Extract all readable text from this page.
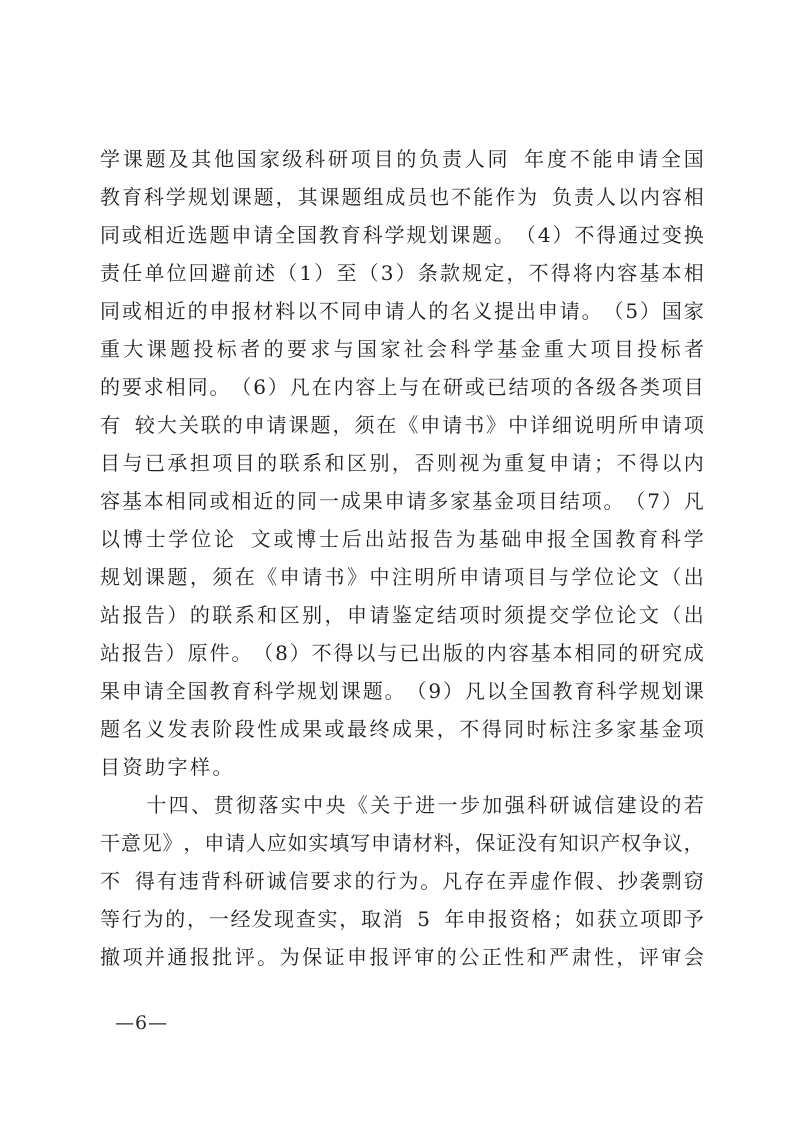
学 课 题 及 其 他 国 家 级 科 研 项 目 的 负 责 人 同 年 度 不 能 申 请 全 国
教 育 科 学 规 划 课 题 ， 其 课 题 组 成 员 也 不 能 作 为 负 责 人 以 内 容 相
同 或 相 近 选 题 申 请 全 国 教 育 科 学 规 划 课 题 。 （ 4 ） 不 得 通 过 变 换
责 任 单 位 回 避 前 述 （ 1 ） 至 （ 3 ） 条 款 规 定 ， 不 得 将 内 容 基 本 相
同 或 相 近 的 申 报 材 料 以 不 同 申 请 人 的 名 义 提 出 申 请 。 （ 5 ） 国 家
重 大 课 题 投 标 者 的 要 求 与 国 家 社 会 科 学 基 金 重 大 项 目 投 标 者
的 要 求 相 同 。 （ 6 ） 凡 在 内 容 上 与 在 研 或 已 结 项 的 各 级 各 类 项 目
有 较 大 关 联 的 申 请 课 题 ， 须 在 《 申 请 书 》 中 详 细 说 明 所 申 请 项
目 与 已 承 担 项 目 的 联 系 和 区 别 ， 否 则 视 为 重 复 申 请 ； 不 得 以 内
容 基 本 相 同 或 相 近 的 同 一 成 果 申 请 多 家 基 金 项 目 结 项 。 （ 7 ） 凡
以 博 士 学 位 论 文 或 博 士 后 出 站 报 告 为 基 础 申 报 全 国 教 育 科 学
规 划 课 题 ， 须 在 《 申 请 书 》 中 注 明 所 申 请 项 目 与 学 位 论 文 （ 出
站 报 告 ） 的 联 系 和 区 别 ， 申 请 鉴 定 结 项 时 须 提 交 学 位 论 文 （ 出
站 报 告 ） 原 件 。 （ 8 ） 不 得 以 与 已 出 版 的 内 容 基 本 相 同 的 研 究 成
果 申 请 全 国 教 育 科 学 规 划 课 题 。 （ 9 ） 凡 以 全 国 教 育 科 学 规 划 课
题 名 义 发 表 阶 段 性 成 果 或 最 终 成 果 ， 不 得 同 时 标 注 多 家 基 金 项
目资助字样。
十 四 、 贯 彻 落 实 中 央 《 关 于 进 一 步 加 强 科 研 诚 信 建 设 的 若
干 意 见 》 ， 申 请 人 应 如 实 填 写 申 请 材 料 ， 保 证 没 有 知 识 产 权 争 议 ，
不 得 有 违 背 科 研 诚 信 要 求 的 行 为 。 凡 存 在 弄 虚 作 假 、 抄 袭 剽 窃
等 行 为 的 ， 一 经 发 现 查 实 ， 取 消 5 年 申 报 资 格 ； 如 获 立 项 即 予
撤 项 并 通 报 批 评 。 为 保 证 申 报 评 审 的 公 正 性 和 严 肃 性 ， 评 审 会
—6—
